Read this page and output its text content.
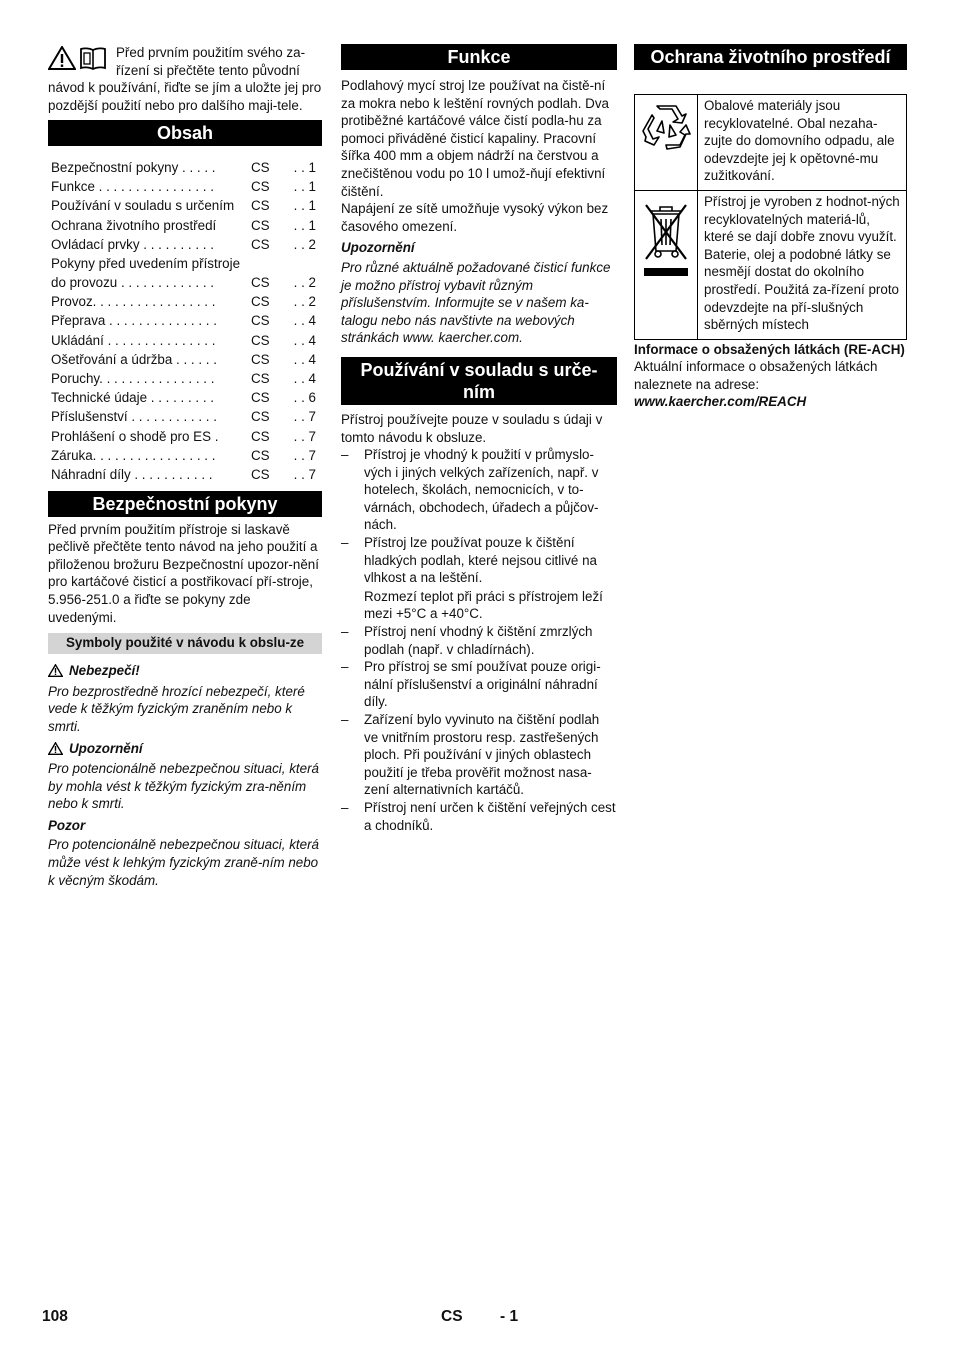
Před prvním použitím svého za-

řízení si přečtěte tento původní

návod k používání, řiďte se jím a uložte jej pro pozdější použití nebo pro dalšího maji-tele.

Obsah
Bezpečnostní pokyny . . . . .	CS	. . 1
Funkce . . . . . . . . . . . . . . . .	CS	. . 1
Používání v souladu s určením	CS	. . 1
Ochrana životního prostředí	CS	. . 1
Ovládací prvky . . . . . . . . . .	CS	. . 2
Pokyny před uvedením přístroje		
do provozu . . . . . . . . . . . . .	CS	. . 2
Provoz. . . . . . . . . . . . . . . . .	CS	. . 2
Přeprava . . . . . . . . . . . . . . .	CS	. . 4
Ukládání . . . . . . . . . . . . . . .	CS	. . 4
Ošetřování a údržba . . . . . .	CS	. . 4
Poruchy. . . . . . . . . . . . . . . .	CS	. . 4
Technické údaje . . . . . . . . .	CS	. . 6
Příslušenství . . . . . . . . . . . .	CS	. . 7
Prohlášení o shodě pro ES .	CS	. . 7
Záruka. . . . . . . . . . . . . . . . .	CS	. . 7
Náhradní díly . . . . . . . . . . .	CS	. . 7
Bezpečnostní pokyny

Před prvním použitím přístroje si laskavě pečlivě přečtěte tento návod na jeho použití a přiloženou brožuru Bezpečnostní upozor-nění pro kartáčové čisticí a postřikovací pří-stroje, 5.956-251.0 a řiďte se pokyny zde uvedenými.

Symboly použité v návodu k obslu-ze
Nebezpečí!

Pro bezprostředně hrozící nebezpečí, které vede k těžkým fyzickým zraněním nebo k smrti.

Upozornění

Pro potencionálně nebezpečnou situaci, která by mohla vést k těžkým fyzickým zra-něním nebo k smrti.

Pozor

Pro potencionálně nebezpečnou situaci, která může vést k lehkým fyzickým zraně-ním nebo k věcným škodám.

Funkce

Podlahový mycí stroj lze používat na čistě-ní za mokra nebo k leštění rovných podlah. Dva protiběžné kartáčové válce čistí podla-hu za pomoci přiváděné čisticí kapaliny. Pracovní šířka 400 mm a objem nádrží na čerstvou a znečištěnou vodu po 10 l umož-ňují efektivní čištění.

Napájení ze sítě umožňuje vysoký výkon bez časového omezení.

Upozornění

Pro různé aktuálně požadované čisticí funkce je možno přístroj vybavit různým příslušenstvím. Informujte se v našem ka-talogu nebo nás navštivte na webových stránkách www. kaercher.com.

Používání v souladu s urče-ním

Přístroj používejte pouze v souladu s údaji v tomto návodu k obsluze.

– Přístroj je vhodný k použití v průmyslo-vých i jiných velkých zařízeních, např. v hotelech, školách, nemocnicích, v to-várnách, obchodech, úřadech a půjčov-nách.
– Přístroj lze používat pouze k čištění hladkých podlah, které nejsou citlivé na vlhkost a na leštění.

Rozmezí teplot při práci s přístrojem leží mezi +5°C a +40°C.

– Přístroj není vhodný k čištění zmrzlých podlah (např. v chladírnách).
– Pro přístroj se smí používat pouze origi-nální příslušenství a originální náhradní díly.
– Zařízení bylo vyvinuto na čištění podlah ve vnitřním prostoru resp. zastřešených ploch. Při používání v jiných oblastech použití je třeba prověřit možnost nasa-zení alternativních kartáčů.
– Přístroj není určen k čištění veřejných cest a chodníků.
Ochrana životního prostředí
	Obalové materiály jsou recyklovatelné. Obal nezaha-zujte do domovního odpadu, ale odevzdejte jej k opětovné-mu zužitkování.
	Přístroj je vyroben z hodnot-ných recyklovatelných materiá-lů, které se dají dobře znovu využít. Baterie, olej a podobné látky se nesmějí dostat do okolního prostředí. Použitá za-řízení proto odevzdejte na pří-slušných sběrných místech

Informace o obsažených látkách (RE-ACH)

Aktuální informace o obsažených látkách naleznete na adrese:

www.kaercher.com/REACH

108	CS - 1
